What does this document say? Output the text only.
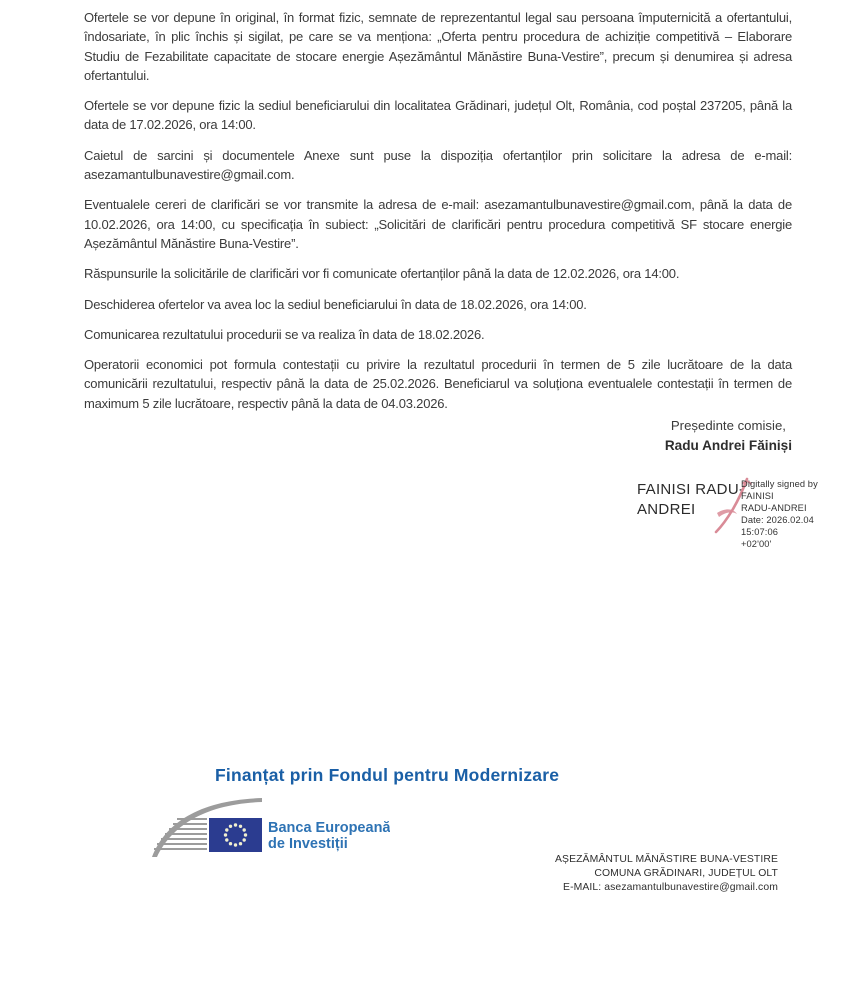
Ofertele se vor depune în original, în format fizic, semnate de reprezentantul legal sau persoana împuternicită a ofertantului, îndosariate, în plic închis și sigilat, pe care se va menționa: „Oferta pentru procedura de achiziție competitivă – Elaborare Studiu de Fezabilitate capacitate de stocare energie Așezământul Mănăstire Buna-Vestire”, precum și denumirea și adresa ofertantului.

Ofertele se vor depune fizic la sediul beneficiarului din localitatea Grădinari, județul Olt, România, cod poștal 237205, până la data de 17.02.2026, ora 14:00.

Caietul de sarcini și documentele Anexe sunt puse la dispoziția ofertanților prin solicitare la adresa de e-mail: asezamantulbunavestire@gmail.com.

Eventualele cereri de clarificări se vor transmite la adresa de e-mail: asezamantulbunavestire@gmail.com, până la data de 10.02.2026, ora 14:00, cu specificația în subiect: „Solicitări de clarificări pentru procedura competitivă SF stocare energie Așezământul Mănăstire Buna-Vestire”.

Răspunsurile la solicitările de clarificări vor fi comunicate ofertanților până la data de 12.02.2026, ora 14:00.

Deschiderea ofertelor va avea loc la sediul beneficiarului în data de 18.02.2026, ora 14:00.

Comunicarea rezultatului procedurii se va realiza în data de 18.02.2026.

Operatorii economici pot formula contestații cu privire la rezultatul procedurii în termen de 5 zile lucrătoare de la data comunicării rezultatului, respectiv până la data de 25.02.2026. Beneficiarul va soluționa eventualele contestații în termen de maximum 5 zile lucrătoare, respectiv până la data de 04.03.2026.

Președinte comisie,
Radu Andrei Făiniși
FAINISI RADU-ANDREI
Digitally signed by FAINISI
RADU-ANDREI
Date: 2026.02.04 15:07:06
+02'00'
Finanțat prin Fondul pentru Modernizare
Banca Europeană
de Investiții
AȘEZĂMÂNTUL MĂNĂSTIRE BUNA-VESTIRE
COMUNA GRĂDINARI, JUDEȚUL OLT
E-MAIL: asezamantulbunavestire@gmail.com
